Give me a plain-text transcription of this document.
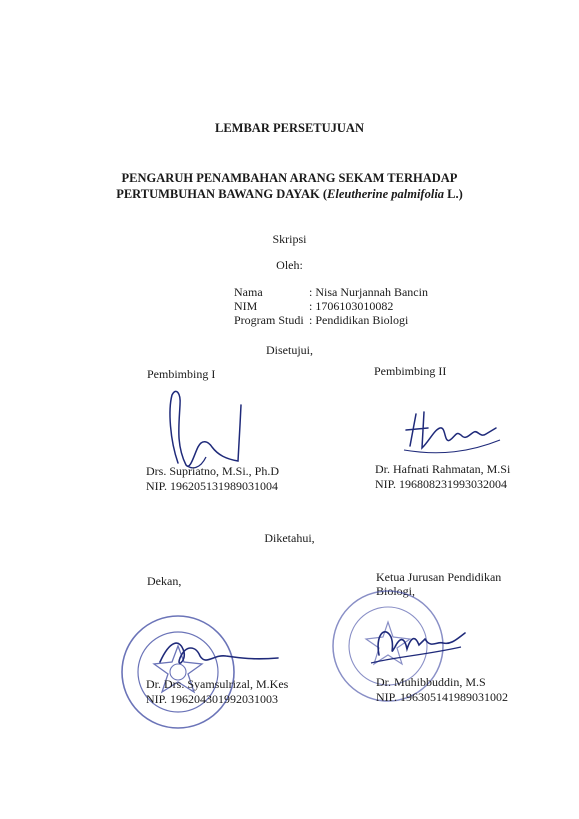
LEMBAR PERSETUJUAN
PENGARUH PENAMBAHAN ARANG SEKAM TERHADAP
PERTUMBUHAN BAWANG DAYAK (Eleutherine palmifolia L.)
Skripsi
Oleh:
Nama	: Nisa Nurjannah Bancin
NIM	: 1706103010082
Program Studi : Pendidikan Biologi
Disetujui,
Pembimbing I	Pembimbing II
Drs. Supriatno, M.Si., Ph.D
NIP. 196205131989031004
Dr. Hafnati Rahmatan, M.Si
NIP. 196808231993032004
Diketahui,
Dekan,	Ketua Jurusan Pendidikan
Biologi,
Dr. Drs. Syamsulrizal, M.Kes
NIP. 196204301992031003
Dr. Muhibbuddin, M.S
NIP. 196305141989031002
